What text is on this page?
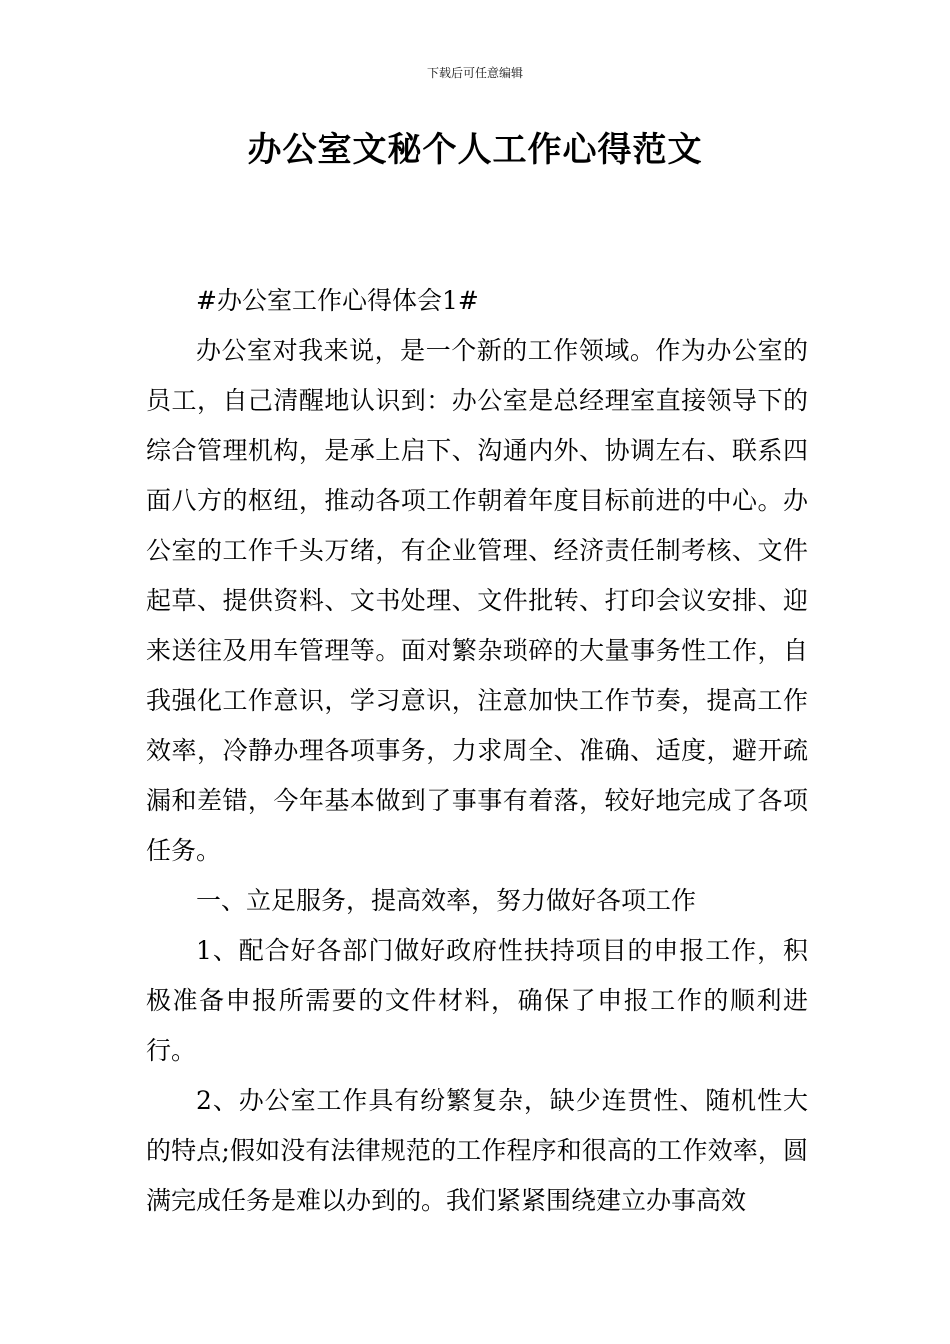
下载后可任意编辑
办公室文秘个人工作心得范文

#办公室工作心得体会1#

办公室对我来说，是一个新的工作领域。作为办公室的员工，自己清醒地认识到：办公室是总经理室直接领导下的综合管理机构，是承上启下、沟通内外、协调左右、联系四面八方的枢纽，推动各项工作朝着年度目标前进的中心。办公室的工作千头万绪，有企业管理、经济责任制考核、文件起草、提供资料、文书处理、文件批转、打印会议安排、迎来送往及用车管理等。面对繁杂琐碎的大量事务性工作，自我强化工作意识，学习意识，注意加快工作节奏，提高工作效率，冷静办理各项事务，力求周全、准确、适度，避开疏漏和差错，今年基本做到了事事有着落，较好地完成了各项任务。

一、立足服务，提高效率，努力做好各项工作

1、配合好各部门做好政府性扶持项目的申报工作，积极准备申报所需要的文件材料，确保了申报工作的顺利进行。

2、办公室工作具有纷繁复杂，缺少连贯性、随机性大的特点;假如没有法律规范的工作程序和很高的工作效率，圆满完成任务是难以办到的。我们紧紧围绕建立办事高效
